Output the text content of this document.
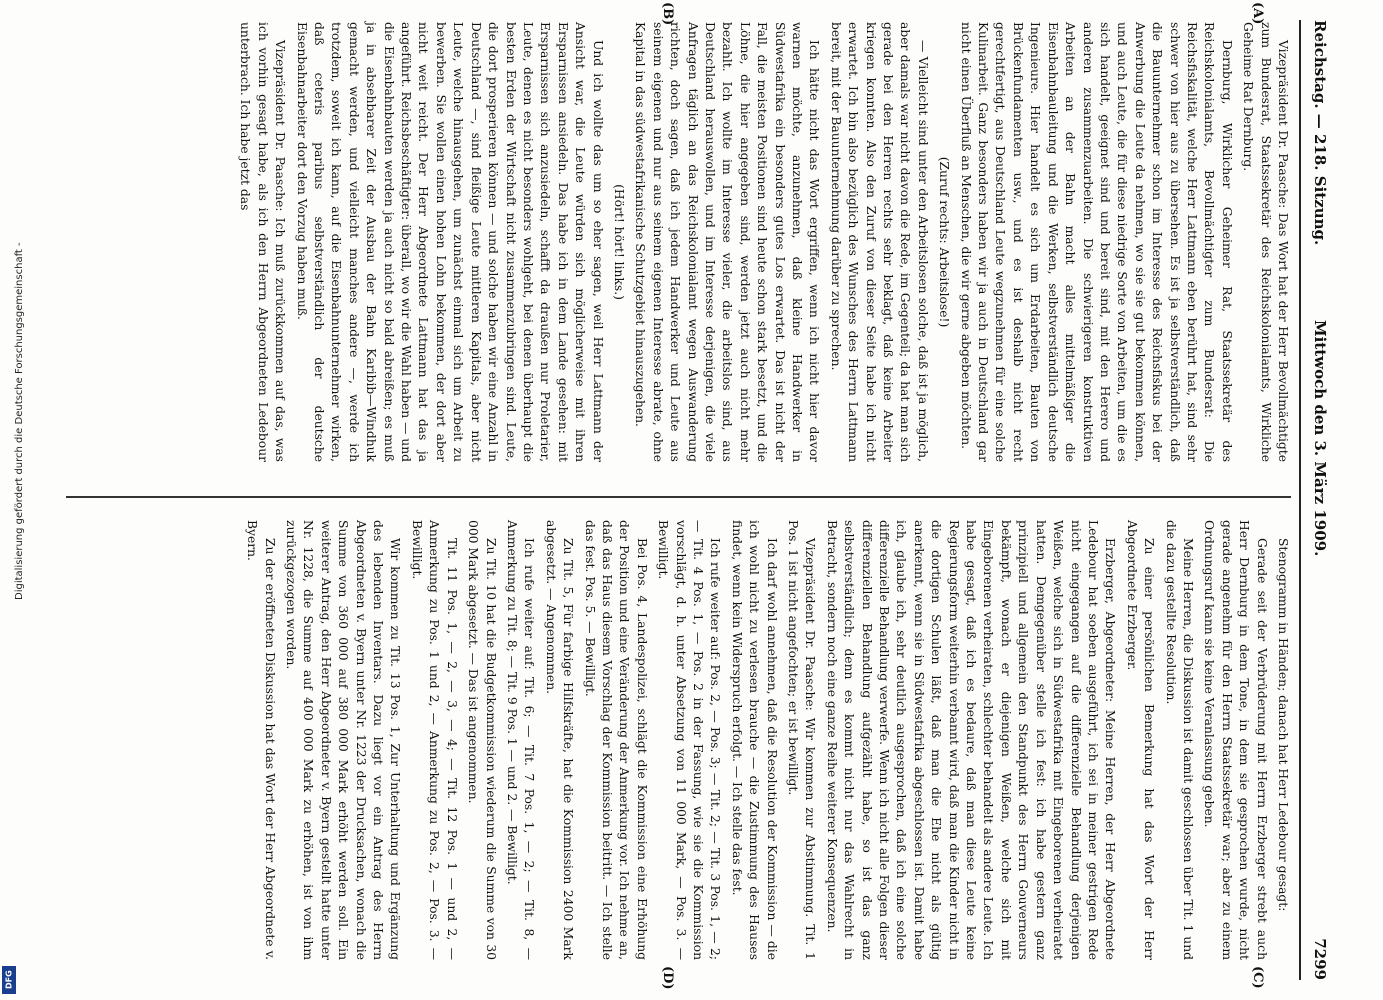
Reichstag. — 218. Sitzung.
Mittwoch den 3. März 1909.
7299
(A)
(B)
(C)
(D)

Vizepräsident Dr. Paasche: Das Wort hat der Herr Bevollmächtigte zum Bundesrat, Staatssekretär des Reichskolonialamts, Wirkliche Geheime Rat Dernburg.

Dernburg, Wirklicher Geheimer Rat, Staatssekretär des Reichskolonialamts, Bevollmächtigter zum Bundesrat: Die Reichsfiskalität, welche Herr Lattmann eben berührt hat, sind sehr schwer von hier aus zu übersehen. Es ist ja selbstverständlich, daß die Bauunternehmer schon im Interesse des Reichsfiskus bei der Anwerbung die Leute da nehmen, wo sie sie gut bekommen können, und auch Leute, die für diese niedrige Sorte von Arbeiten, um die es sich handelt, geeignet sind und bereit sind, mit den Herero und anderen zusammenzuarbeiten. Die schwierigeren konstruktiven Arbeiten an der Bahn macht alles mittelmäßiger die Eisenbahnbauleitung und die Werken, selbstverständlich deutsche Ingenieure. Hier handelt es sich um Erdarbeiten, Bauten von Brückenfundamenten usw., und es ist deshalb nicht recht gerechtfertigt, aus Deutschland Leute wegzunehmen für eine solche Kulinarbeit. Ganz besonders haben wir ja auch in Deutschland gar nicht einen Überfluß an Menschen, die wir gerne abgeben möchten.

(Zuruf rechts: Arbeitslose!)

— Vielleicht sind unter den Arbeitslosen solche, daß ist ja möglich, aber damals war nicht davon die Rede, im Gegenteil; da hat man sich gerade bei den Herren rechts sehr beklagt, daß keine Arbeiter kriegen konnten. Also den Zuruf von dieser Seite habe ich nicht erwartet. Ich bin also bezüglich des Wunsches des Herrn Lattmann bereit, mit der Bauunternehmung darüber zu sprechen.

Ich hätte nicht das Wort ergriffen, wenn ich nicht hier davor warnen möchte, anzunehmen, daß kleine Handwerker in Südwestafrika ein besonders gutes Los erwartet. Das ist nicht der Fall, die meisten Positionen sind heute schon stark besetzt, und die Löhne, die hier angegeben sind, werden jetzt auch nicht mehr bezahlt. Ich wollte im Interesse vieler, die arbeitslos sind, aus Deutschland herauswollen, und im Interesse derjenigen, die viele Anfragen täglich an das Reichskolonialamt wegen Auswanderung richten, doch sagen, daß ich jedem Handwerker und Leute aus seinem eigenen und nur aus seinem eigenen Interesse abrate, ohne Kapital in das südwestafrikanische Schutzgebiet hinauszugehen.

(Hört! hört! links.)

Und ich wollte das um so eher sagen, weil Herr Lattmann der Ansicht war, die Leute würden sich möglicherweise mit ihren Ersparnissen ansiedeln. Das habe ich in dem Lande gesehen: mit Ersparnissen sich anzusiedeln, schafft da draußen nur Proletarier, Leute, denen es nicht besonders wohlgeht, bei denen überhaupt die besten Erden der Wirtschaft nicht zusammenzubringen sind. Leute, die dort prosperieren können — und solche haben wir eine Anzahl in Deutschland —, sind fleißige Leute mittleren Kapitals, aber nicht Leute, welche hinausgehen, um zunächst einmal sich um Arbeit zu bewerben. Sie wollen einen hohen Lohn bekommen, der dort aber nicht weit reicht. Der Herr Abgeordnete Lattmann hat das ja angeführt. Reichsbeschäftigter: überall, wo wir die Wahl haben — und die Eisenbahnbauten werden ja auch nicht so bald abreißen; es muß ja in absehbarer Zeit der Ausbau der Bahn Karibib—Windhuk gemacht werden, und vielleicht manches andere —, werde ich trotzdem, soweit ich kann, auf die Eisenbahnunternehmer wirken, daß ceteris paribus selbstverständlich der deutsche Eisenbahnarbeiter dort den Vorzug haben muß.

Vizepräsident Dr. Paasche: Ich muß zurückkommen auf das, was ich vorhin gesagt habe, als ich den Herrn Abgeordneten Ledebour unterbrach. Ich habe jetzt das

Stenogramm in Händen; danach hat Herr Ledebour gesagt:

Gerade seit der Verbrüderung mit Herrn Erzberger strebt auch Herr Dernburg in dem Tone, in dem sie gesprochen wurde, nicht gerade angenehm für den Herrn Staatssekretär war; aber zu einem Ordnungsruf kann sie keine Veranlassung geben.

Meine Herren, die Diskussion ist damit geschlossen über Tit. 1 und die dazu gestellte Resolution.

Zu einer persönlichen Bemerkung hat das Wort der Herr Abgeordnete Erzberger.

Erzberger, Abgeordneter: Meine Herren, der Herr Abgeordnete Ledebour hat soeben ausgeführt, ich sei in meiner gestrigen Rede nicht eingegangen auf die differenzielle Behandlung derjenigen Weißen, welche sich in Südwestafrika mit Eingeborenen verheiratet hatten. Demgegenüber stelle ich fest: ich habe gestern ganz prinzipiell und allgemein den Standpunkt des Herrn Gouverneurs bekämpft, wonach er diejenigen Weißen, welche sich mit Eingeborenen verheiraten, schlechter behandelt als andere Leute. Ich habe gesagt, daß ich es bedaure, daß man diese Leute keine Regierungsform weiterhin verbannt wird, daß man die Kinder nicht in die dortigen Schulen läßt, daß man die Ehe nicht als gültig anerkennt, wenn sie in Südwestafrika abgeschlossen ist. Damit habe ich, glaube ich, sehr deutlich ausgesprochen, daß ich eine solche differenzielle Behandlung verwerfe. Wenn ich nicht alle Folgen dieser differenziellen Behandlung aufgezählt habe, so ist das ganz selbstverständlich; denn es kommt nicht nur das Wahlrecht in Betracht, sondern noch eine ganze Reihe weiterer Konsequenzen.

Vizepräsident Dr. Paasche: Wir kommen zur Abstimmung. Tit. 1 Pos. 1 ist nicht angefochten; er ist bewilligt.

Ich darf wohl annehmen, daß die Resolution der Kommission — die ich wohl nicht zu verlesen brauche — die Zustimmung des Hauses findet, wenn kein Widerspruch erfolgt. — Ich stelle das fest.

Ich rufe weiter auf: Pos. 2, — Pos. 3; — Tit. 2; — Tit. 3 Pos. 1, — 2; — Tit. 4 Pos. 1, — Pos. 2 in der Fassung, wie sie die Kommission vorschlägt, d. h. unter Absetzung von 11 000 Mark, — Pos. 3. — Bewilligt.

Bei Pos. 4, Landespolizei, schlägt die Kommission eine Erhöhung der Position und eine Veränderung der Anmerkung vor. Ich nehme an, daß das Haus diesem Vorschlag der Kommission beitritt. — Ich stelle das fest. Pos. 5. — Bewilligt.

Zu Tit. 5, Für farbige Hilfskräfte, hat die Kommission 2400 Mark abgesetzt. — Angenommen.

Ich rufe weiter auf: Tit. 6; — Tit. 7 Pos. 1, — 2; — Tit. 8, — Anmerkung zu Tit. 8; — Tit. 9 Pos. 1 — und 2. — Bewilligt.

Zu Tit. 10 hat die Budgetkommission wiederum die Summe von 30 000 Mark abgesetzt. — Das ist angenommen.

Tit. 11 Pos. 1, — 2, — 3, — 4; — Tit. 12 Pos. 1 — und 2, — Anmerkung zu Pos. 1 und 2, — Anmerkung zu Pos. 2, — Pos. 3. — Bewilligt.

Wir kommen zu Tit. 13 Pos. 1, Zur Unterhaltung und Ergänzung des lebenden Inventars. Dazu liegt vor ein Antrag des Herrn Abgeordneten v. Byern unter Nr. 1223 der Drucksachen, wonach die Summe von 360 000 auf 380 000 Mark erhöht werden soll. Ein weiterer Antrag, den Herr Abgeordneter v. Byern gestellt hatte unter Nr. 1228, die Summe auf 400 000 Mark zu erhöhen, ist von ihm zurückgezogen worden.

Zu der eröffneten Diskussion hat das Wort der Herr Abgeordnete v. Byern.

Digitalisierung gefördert durch die Deutsche Forschungsgemeinschaft -
DFG
